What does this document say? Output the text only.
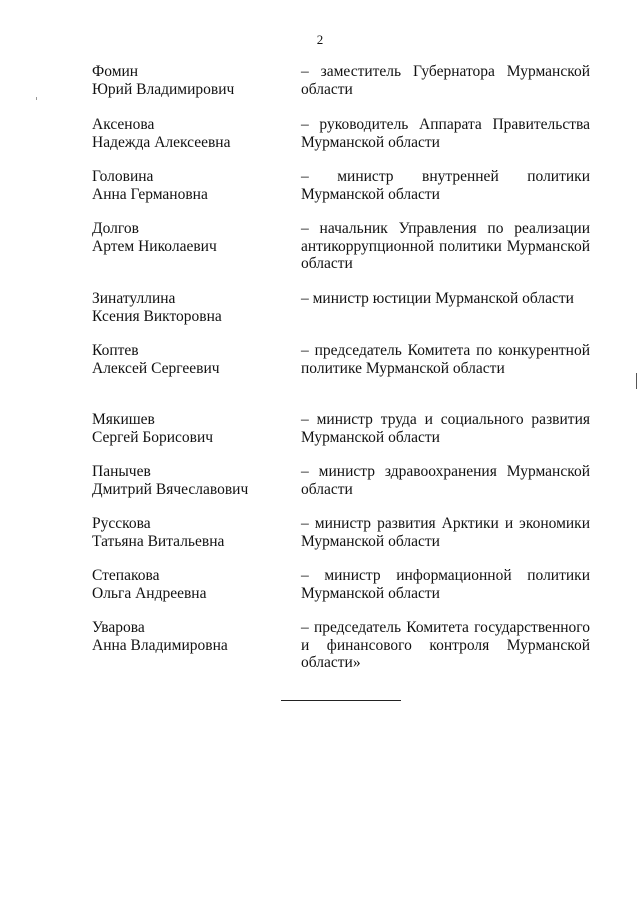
2
Фомин
Юрий Владимирович
– заместитель Губернатора Мурманской
области
Аксенова
Надежда Алексеевна
– руководитель Аппарата Правительства
Мурманской области
Головина
Анна Германовна
– министр внутренней политики
Мурманской области
Долгов
Артем Николаевич
– начальник Управления по реализации
антикоррупционной политики Мурманской
области
Зинатуллина
Ксения Викторовна
– министр юстиции Мурманской области
Коптев
Алексей Сергеевич
– председатель Комитета по конкурентной
политике Мурманской области
Мякишев
Сергей Борисович
– министр труда и социального развития
Мурманской области
Панычев
Дмитрий Вячеславович
– министр здравоохранения Мурманской
области
Русскова
Татьяна Витальевна
– министр развития Арктики и экономики
Мурманской области
Степакова
Ольга Андреевна
– министр информационной политики
Мурманской области
Уварова
Анна Владимировна
– председатель Комитета государственного
и финансового контроля Мурманской
области»
